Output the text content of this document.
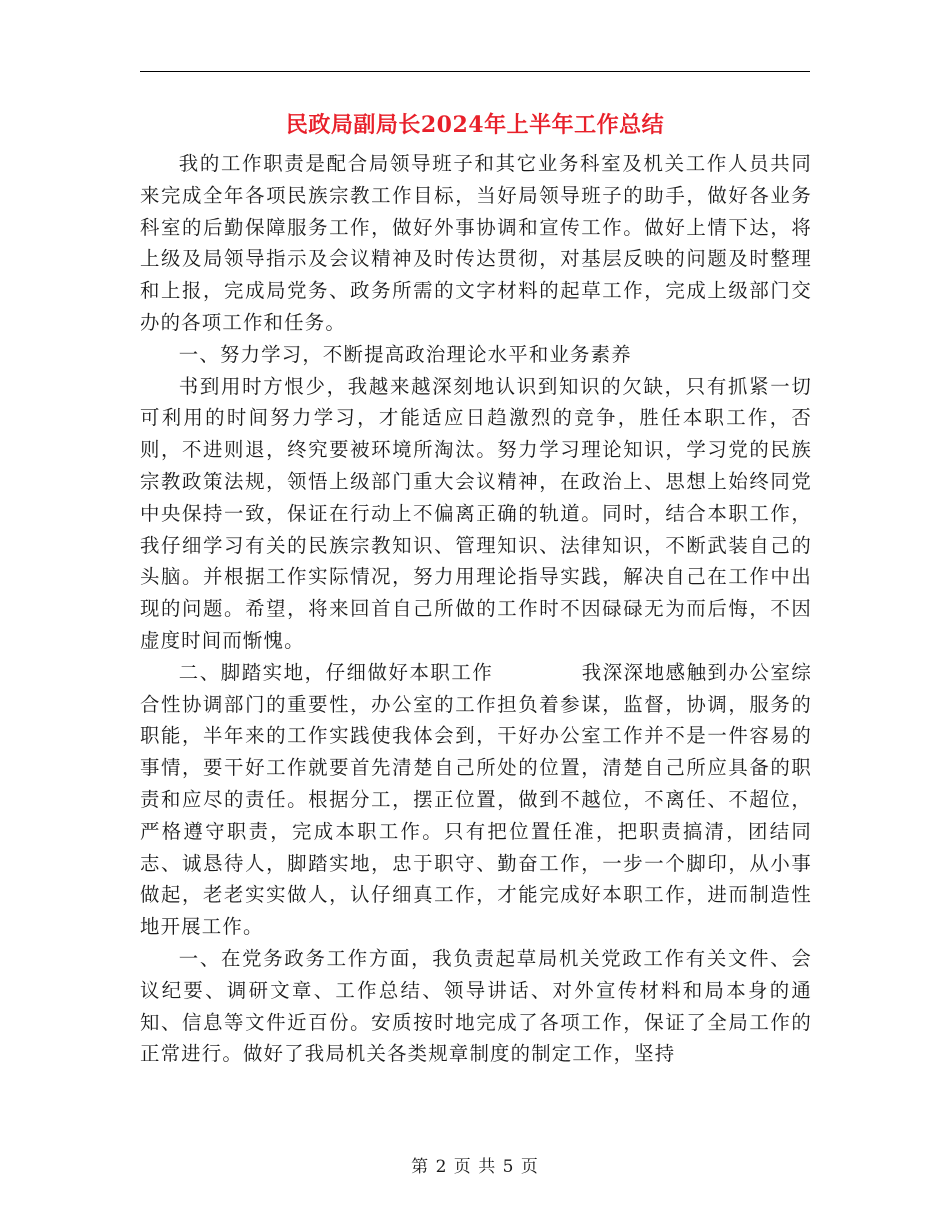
民政局副局长2024年上半年工作总结

我的工作职责是配合局领导班子和其它业务科室及机关工作人员共同来完成全年各项民族宗教工作目标，当好局领导班子的助手，做好各业务科室的后勤保障服务工作，做好外事协调和宣传工作。做好上情下达，将上级及局领导指示及会议精神及时传达贯彻，对基层反映的问题及时整理和上报，完成局党务、政务所需的文字材料的起草工作，完成上级部门交办的各项工作和任务。

一、努力学习，不断提高政治理论水平和业务素养

书到用时方恨少，我越来越深刻地认识到知识的欠缺，只有抓紧一切可利用的时间努力学习，才能适应日趋激烈的竞争，胜任本职工作，否则，不进则退，终究要被环境所淘汰。努力学习理论知识，学习党的民族宗教政策法规，领悟上级部门重大会议精神，在政治上、思想上始终同党中央保持一致，保证在行动上不偏离正确的轨道。同时，结合本职工作，我仔细学习有关的民族宗教知识、管理知识、法律知识，不断武装自己的头脑。并根据工作实际情况，努力用理论指导实践，解决自己在工作中出现的问题。希望，将来回首自己所做的工作时不因碌碌无为而后悔，不因虚度时间而惭愧。

二、脚踏实地，仔细做好本职工作	我深深地感触到办公室综合性协调部门的重要性，办公室的工作担负着参谋，监督，协调，服务的职能，半年来的工作实践使我体会到，干好办公室工作并不是一件容易的事情，要干好工作就要首先清楚自己所处的位置，清楚自己所应具备的职责和应尽的责任。根据分工，摆正位置，做到不越位，不离任、不超位，严格遵守职责，完成本职工作。只有把位置任准，把职责搞清，团结同志、诚恳待人，脚踏实地，忠于职守、勤奋工作，一步一个脚印，从小事做起，老老实实做人，认仔细真工作，才能完成好本职工作，进而制造性地开展工作。

一、在党务政务工作方面，我负责起草局机关党政工作有关文件、会议纪要、调研文章、工作总结、领导讲话、对外宣传材料和局本身的通知、信息等文件近百份。安质按时地完成了各项工作，保证了全局工作的正常进行。做好了我局机关各类规章制度的制定工作，坚持

第 2 页 共 5 页
